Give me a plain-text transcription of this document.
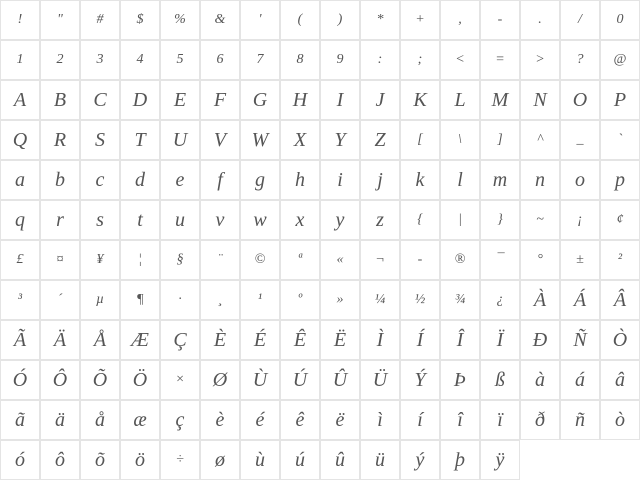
!	"	#	$	%	&	'	(	)	*	+	,	-	.	/	0
1	2	3	4	5	6	7	8	9	:	;	<	=	>	?	@
A	B	C	D	E	F	G	H	I	J	K	L	M	N	O	P
Q	R	S	T	U	V	W	X	Y	Z	[	\	]	^	_	`
a	b	c	d	e	f	g	h	i	j	k	l	m	n	o	p
q	r	s	t	u	v	w	x	y	z	{	|	}	~	¡	¢
£	¤	¥	¦	§	¨	©	ª	«	¬	-	®	¯	°	±	²
³	´	µ	¶	·	¸	¹	º	»	¼	½	¾	¿	À	Á	Â
Ã	Ä	Å	Æ	Ç	È	É	Ê	Ë	Ì	Í	Î	Ï	Ð	Ñ	Ò
Ó	Ô	Õ	Ö	×	Ø	Ù	Ú	Û	Ü	Ý	Þ	ß	à	á	â
ã	ä	å	æ	ç	è	é	ê	ë	ì	í	î	ï	ð	ñ	ò
ó	ô	õ	ö	÷	ø	ù	ú	û	ü	ý	þ	ÿ
